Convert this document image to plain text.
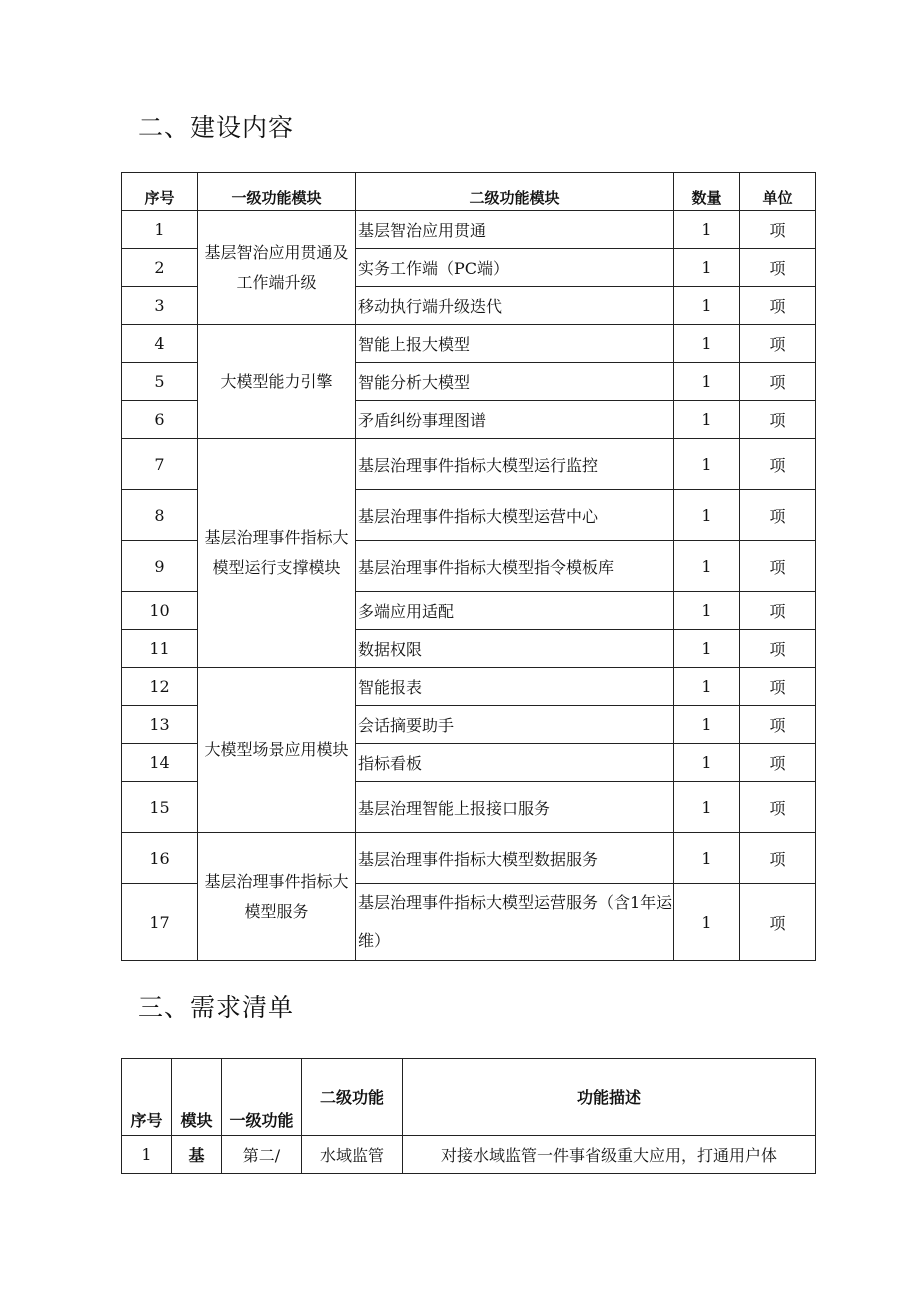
二、建设内容
序号	一级功能模块	二级功能模块	数量	单位
1	基层智治应用贯通及工作端升级	基层智治应用贯通	1	项
2		实务工作端（PC端）	1	项
3		移动执行端升级迭代	1	项
4	大模型能力引擎	智能上报大模型	1	项
5		智能分析大模型	1	项
6		矛盾纠纷事理图谱	1	项
7	基层治理事件指标大模型运行支撑模块	基层治理事件指标大模型运行监控	1	项
8		基层治理事件指标大模型运营中心	1	项
9		基层治理事件指标大模型指令模板库	1	项
10		多端应用适配	1	项
11		数据权限	1	项
12	大模型场景应用模块	智能报表	1	项
13		会话摘要助手	1	项
14		指标看板	1	项
15		基层治理智能上报接口服务	1	项
16	基层治理事件指标大模型服务	基层治理事件指标大模型数据服务	1	项
17		基层治理事件指标大模型运营服务（含1年运维）	1	项
三、需求清单
序号	模块	一级功能	二级功能	功能描述
1	基	第二/	水域监管	对接水域监管一件事省级重大应用，打通用户体
